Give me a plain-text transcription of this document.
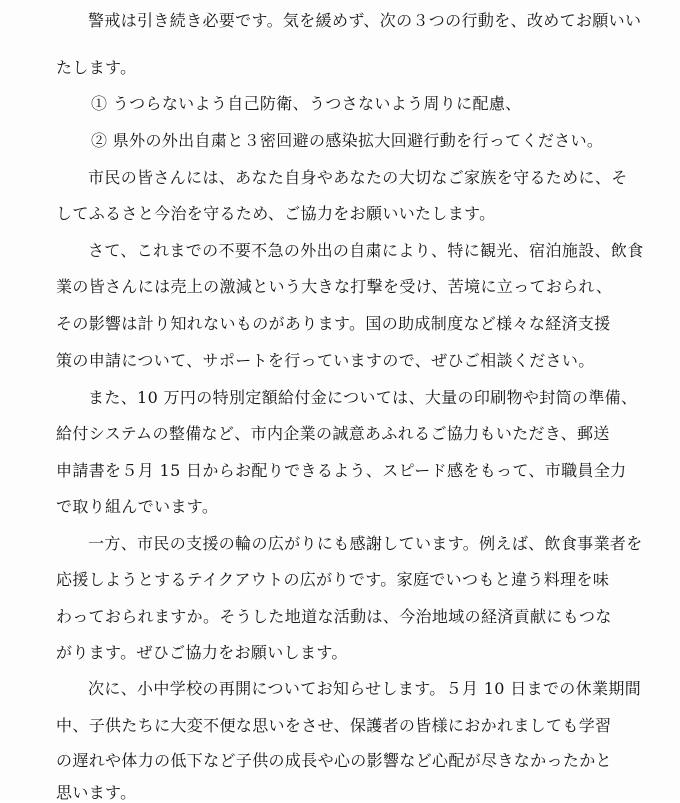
警戒は引き続き必要です。気を緩めず、次の３つの行動を、改めてお願いい
たします。
① うつらないよう自己防衛、うつさないよう周りに配慮、
② 県外の外出自粛と３密回避の感染拡大回避行動を行ってください。
市民の皆さんには、あなた自身やあなたの大切なご家族を守るために、そ
してふるさと今治を守るため、ご協力をお願いいたします。
さて、これまでの不要不急の外出の自粛により、特に観光、宿泊施設、飲食
業の皆さんには売上の激減という大きな打撃を受け、苦境に立っておられ、
その影響は計り知れないものがあります。国の助成制度など様々な経済支援
策の申請について、サポートを行っていますので、ぜひご相談ください。
また、10 万円の特別定額給付金については、大量の印刷物や封筒の準備、
給付システムの整備など、市内企業の誠意あふれるご協力もいただき、郵送
申請書を５月 15 日からお配りできるよう、スピード感をもって、市職員全力
で取り組んでいます。
一方、市民の支援の輪の広がりにも感謝しています。例えば、飲食事業者を
応援しようとするテイクアウトの広がりです。家庭でいつもと違う料理を味
わっておられますか。そうした地道な活動は、今治地域の経済貢献にもつな
がります。ぜひご協力をお願いします。
次に、小中学校の再開についてお知らせします。５月 10 日までの休業期間
中、子供たちに大変不便な思いをさせ、保護者の皆様におかれましても学習
の遅れや体力の低下など子供の成長や心の影響など心配が尽きなかったかと
思います。
